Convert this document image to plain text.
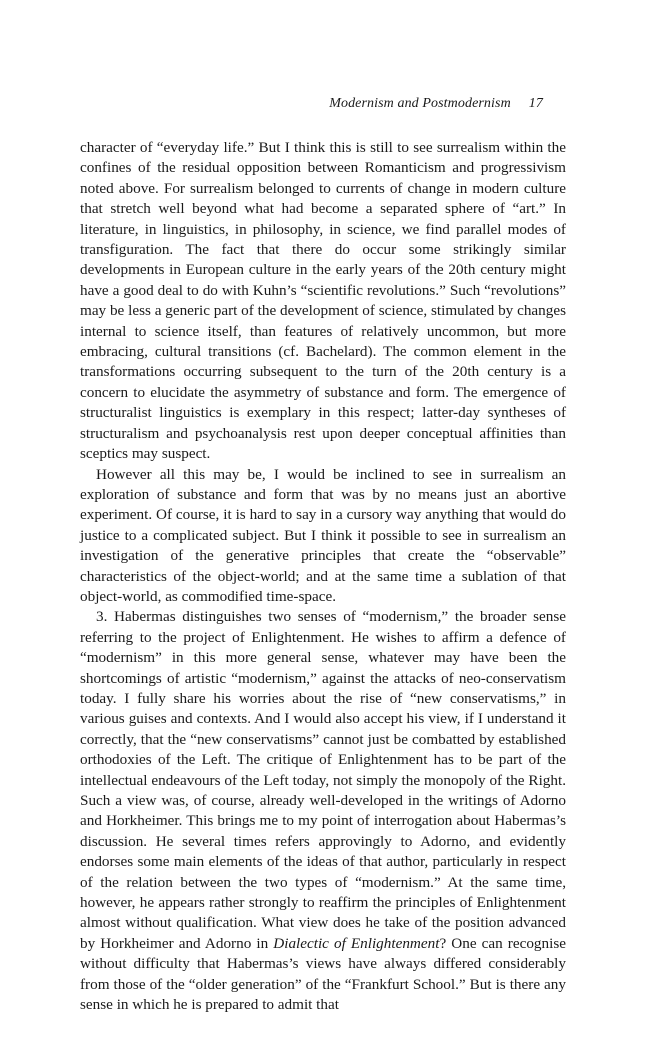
Modernism and Postmodernism 17

character of “everyday life.” But I think this is still to see surrealism within the confines of the residual opposition between Romanticism and progressivism noted above. For surrealism belonged to currents of change in modern culture that stretch well beyond what had become a separated sphere of “art.” In literature, in linguistics, in philosophy, in science, we find parallel modes of transfiguration. The fact that there do occur some strikingly similar developments in European culture in the early years of the 20th century might have a good deal to do with Kuhn’s “scientific revolutions.” Such “revolutions” may be less a generic part of the development of science, stimulated by changes internal to science itself, than features of relatively uncommon, but more embracing, cultural transitions (cf. Bachelard). The common element in the transformations occurring subsequent to the turn of the 20th century is a concern to elucidate the asymmetry of substance and form. The emergence of structuralist linguistics is exemplary in this respect; latter-day syntheses of structuralism and psychoanalysis rest upon deeper conceptual affinities than sceptics may suspect.

However all this may be, I would be inclined to see in surrealism an exploration of substance and form that was by no means just an abortive experiment. Of course, it is hard to say in a cursory way anything that would do justice to a complicated subject. But I think it possible to see in surrealism an investigation of the generative principles that create the “observable” characteristics of the object-world; and at the same time a sublation of that object-world, as commodified time-space.

3. Habermas distinguishes two senses of “modernism,” the broader sense referring to the project of Enlightenment. He wishes to affirm a defence of “modernism” in this more general sense, whatever may have been the shortcomings of artistic “modernism,” against the attacks of neo-conservatism today. I fully share his worries about the rise of “new conservatisms,” in various guises and contexts. And I would also accept his view, if I understand it correctly, that the “new conservatisms” cannot just be combatted by established orthodoxies of the Left. The critique of Enlightenment has to be part of the intellectual endeavours of the Left today, not simply the monopoly of the Right. Such a view was, of course, already well-developed in the writings of Adorno and Horkheimer. This brings me to my point of interrogation about Habermas’s discussion. He several times refers approvingly to Adorno, and evidently endorses some main elements of the ideas of that author, particularly in respect of the relation between the two types of “modernism.” At the same time, however, he appears rather strongly to reaffirm the principles of Enlightenment almost without qualification. What view does he take of the position advanced by Horkheimer and Adorno in Dialectic of Enlightenment? One can recognise without difficulty that Habermas’s views have always differed considerably from those of the “older generation” of the “Frankfurt School.” But is there any sense in which he is prepared to admit that
